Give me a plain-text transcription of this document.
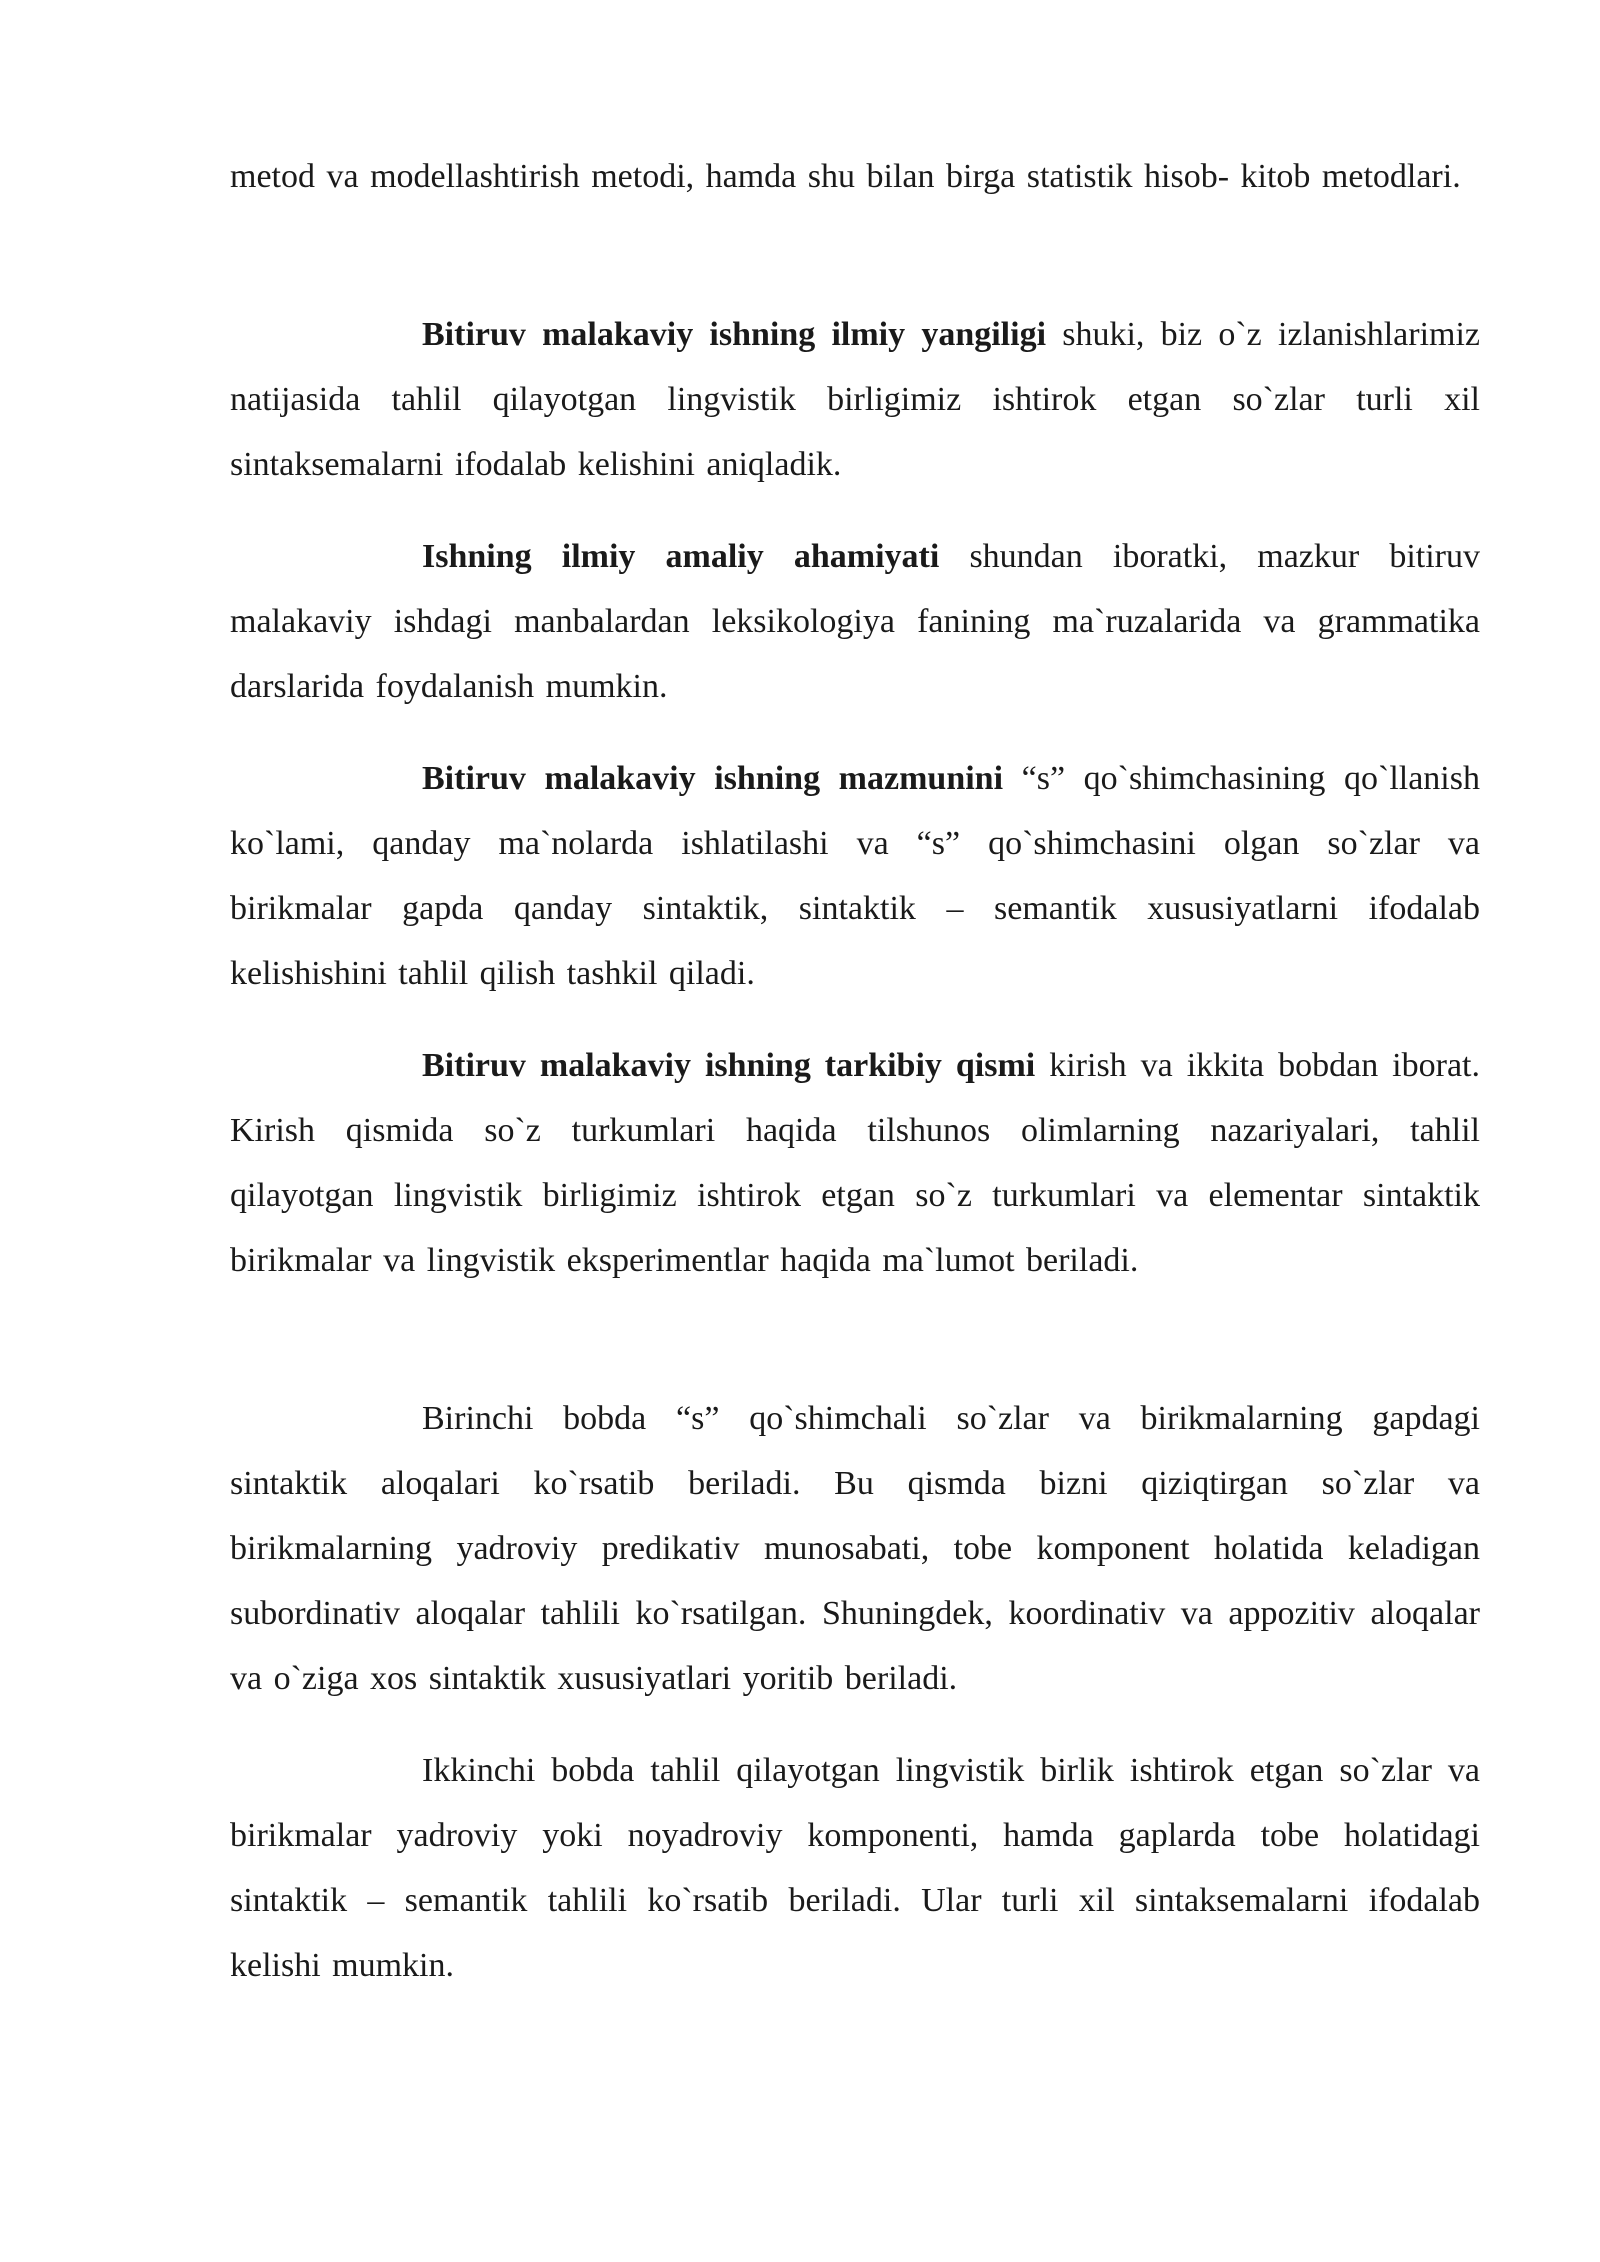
metod va modellashtirish metodi, hamda shu bilan birga statistik hisob- kitob metodlari.

Bitiruv malakaviy ishning ilmiy yangiligi shuki, biz o`z izlanishlarimiz natijasida tahlil qilayotgan lingvistik birligimiz ishtirok etgan so`zlar turli xil sintaksemalarni ifodalab kelishini aniqladik.

Ishning ilmiy amaliy ahamiyati shundan iboratki, mazkur bitiruv malakaviy ishdagi manbalardan leksikologiya fanining ma`ruzalarida va grammatika darslarida foydalanish mumkin.

Bitiruv malakaviy ishning mazmunini “s” qo`shimchasining qo`llanish ko`lami, qanday ma`nolarda ishlatilashi va “s” qo`shimchasini olgan so`zlar va birikmalar gapda qanday sintaktik, sintaktik – semantik xususiyatlarni ifodalab kelishishini tahlil qilish tashkil qiladi.

Bitiruv malakaviy ishning tarkibiy qismi kirish va ikkita bobdan iborat. Kirish qismida so`z turkumlari haqida tilshunos olimlarning nazariyalari, tahlil qilayotgan lingvistik birligimiz ishtirok etgan so`z turkumlari va elementar sintaktik birikmalar va lingvistik eksperimentlar haqida ma`lumot beriladi.

Birinchi bobda “s” qo`shimchali so`zlar va birikmalarning gapdagi sintaktik aloqalari ko`rsatib beriladi. Bu qismda bizni qiziqtirgan so`zlar va birikmalarning yadroviy predikativ munosabati, tobe komponent holatida keladigan subordinativ aloqalar tahlili ko`rsatilgan. Shuningdek, koordinativ va appozitiv aloqalar va o`ziga xos sintaktik xususiyatlari yoritib beriladi.

Ikkinchi bobda tahlil qilayotgan lingvistik birlik ishtirok etgan so`zlar va birikmalar yadroviy yoki noyadroviy komponenti, hamda gaplarda tobe holatidagi sintaktik – semantik tahlili ko`rsatib beriladi. Ular turli xil sintaksemalarni ifodalab kelishi mumkin.
